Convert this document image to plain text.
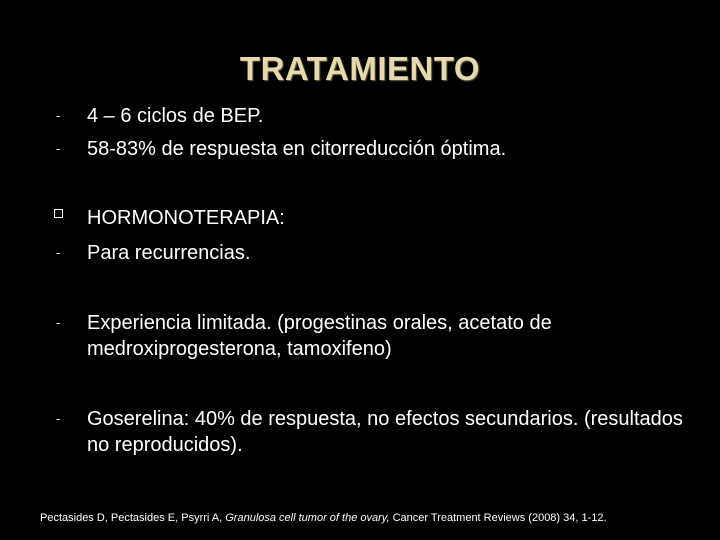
TRATAMIENTO
- 4 – 6 ciclos de BEP.
- 58-83% de respuesta en citorreducción óptima.
HORMONOTERAPIA:
- Para recurrencias.
- Experiencia limitada. (progestinas orales, acetato de medroxiprogesterona, tamoxifeno)
- Goserelina: 40% de respuesta, no efectos secundarios. (resultados no reproducidos).
Pectasides D, Pectasides E, Psyrri A, Granulosa cell tumor of the ovary, Cancer Treatment Reviews (2008) 34, 1-12.
